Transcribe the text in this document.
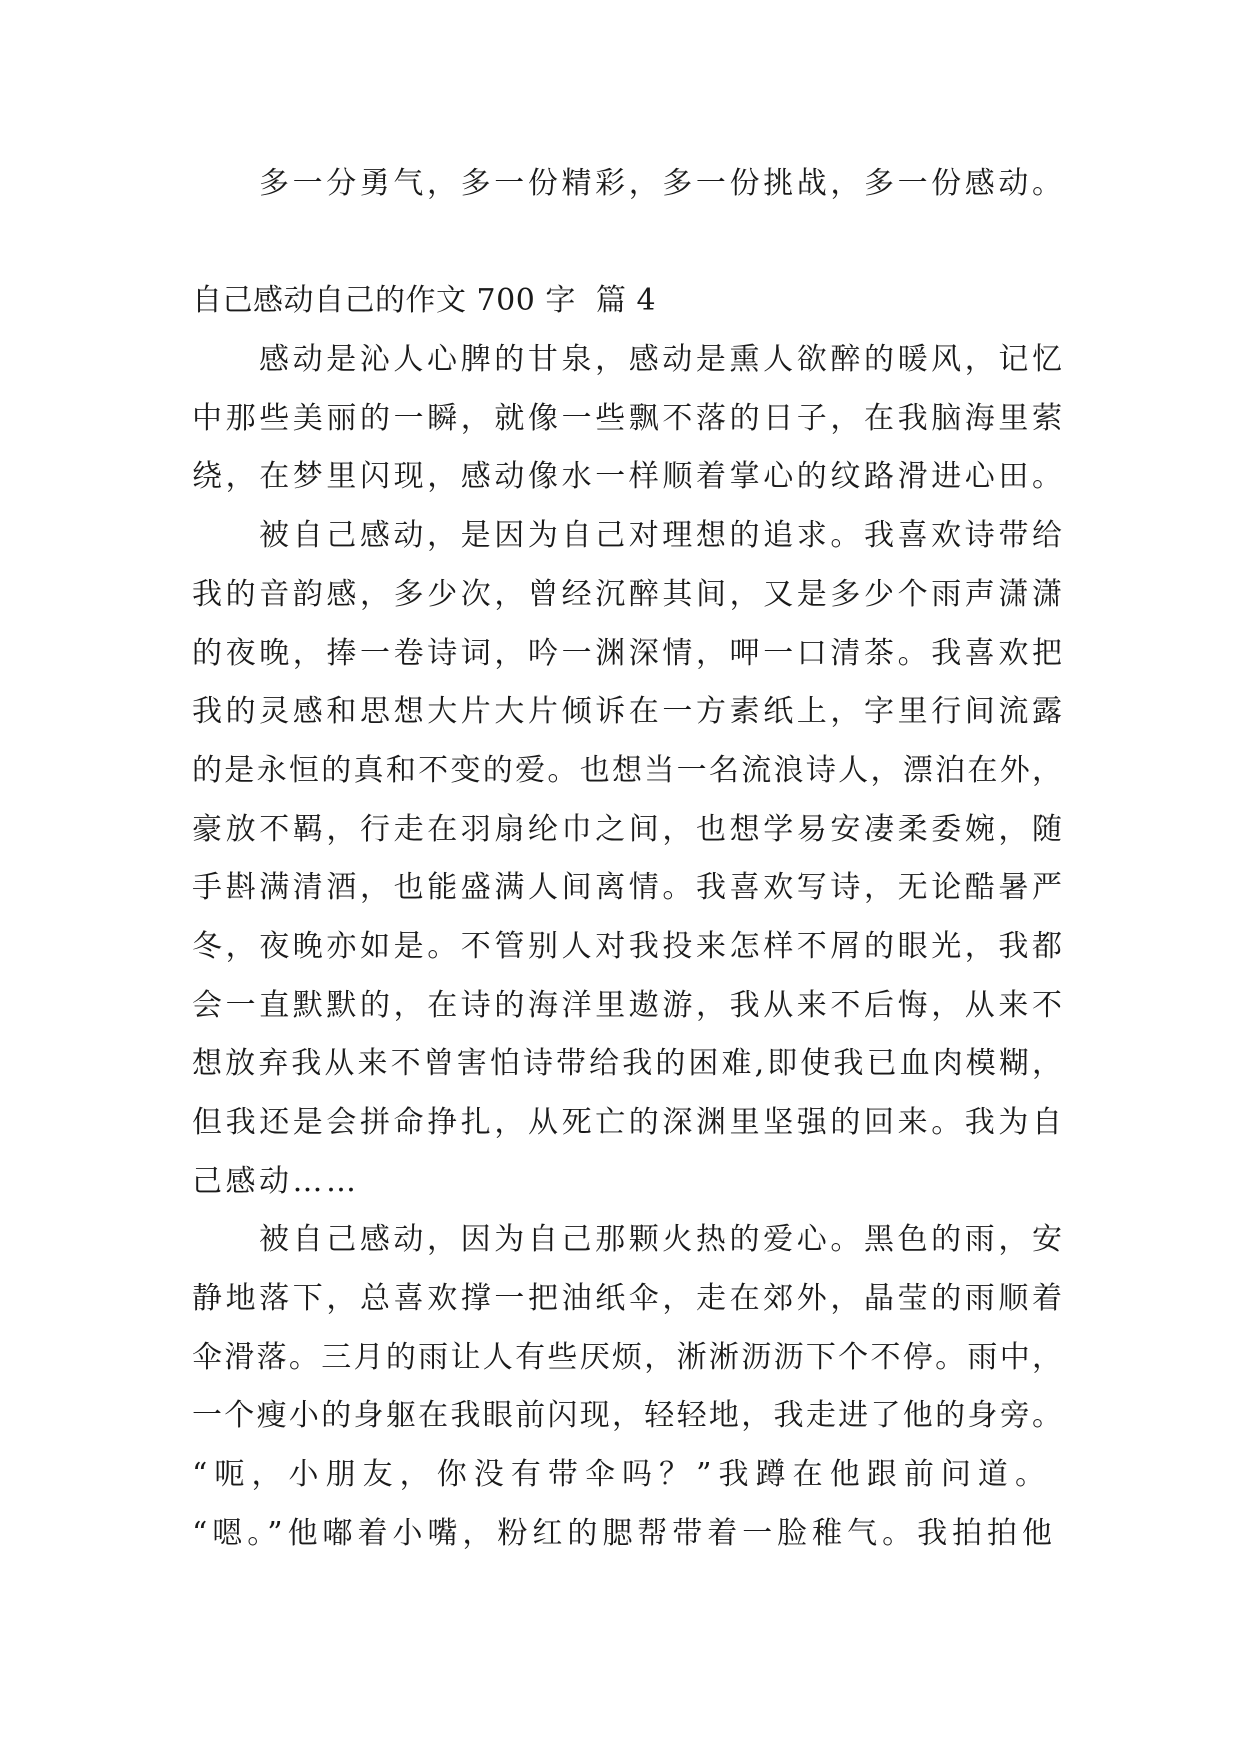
多一分勇气，多一份精彩，多一份挑战，多一份感动。
自己感动自己的作文 700 字  篇 4
感动是沁人心脾的甘泉，感动是熏人欲醉的暖风，记忆
中那些美丽的一瞬，就像一些飘不落的日子，在我脑海里萦
绕，在梦里闪现，感动像水一样顺着掌心的纹路滑进心田。
被自己感动，是因为自己对理想的追求。我喜欢诗带给
我的音韵感，多少次，曾经沉醉其间，又是多少个雨声潇潇
的夜晚，捧一卷诗词，吟一渊深情，呷一口清茶。我喜欢把
我的灵感和思想大片大片倾诉在一方素纸上，字里行间流露
的是永恒的真和不变的爱。也想当一名流浪诗人，漂泊在外，
豪放不羁，行走在羽扇纶巾之间，也想学易安凄柔委婉，随
手斟满清酒，也能盛满人间离情。我喜欢写诗，无论酷暑严
冬，夜晚亦如是。不管别人对我投来怎样不屑的眼光，我都
会一直默默的，在诗的海洋里遨游，我从来不后悔，从来不
想放弃我从来不曾害怕诗带给我的困难,即使我已血肉模糊，
但我还是会拼命挣扎，从死亡的深渊里坚强的回来。我为自
己感动……
被自己感动，因为自己那颗火热的爱心。黑色的雨，安
静地落下，总喜欢撑一把油纸伞，走在郊外，晶莹的雨顺着
伞滑落。三月的雨让人有些厌烦，淅淅沥沥下个不停。雨中，
一个瘦小的身躯在我眼前闪现，轻轻地，我走进了他的身旁。
“呃，小朋友，你没有带伞吗？”我蹲在他跟前问道。
“嗯。”他嘟着小嘴，粉红的腮帮带着一脸稚气。我拍拍他
